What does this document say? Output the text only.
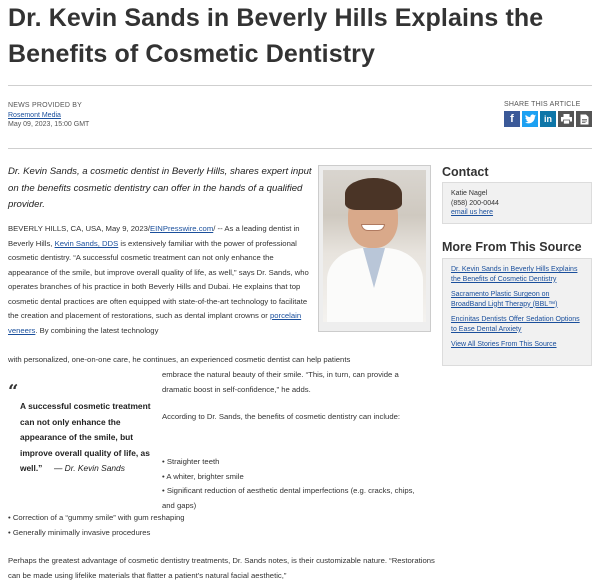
Dr. Kevin Sands in Beverly Hills Explains the Benefits of Cosmetic Dentistry
NEWS PROVIDED BY
Rosemont Media
May 09, 2023, 15:00 GMT
SHARE THIS ARTICLE
f	in

Dr. Kevin Sands, a cosmetic dentist in Beverly Hills, shares expert input on the benefits cosmetic dentistry can offer in the hands of a qualified provider.

BEVERLY HILLS, CA, USA, May 9, 2023/EINPresswire.com/ -- As a leading dentist in Beverly Hills, Kevin Sands, DDS is extensively familiar with the power of professional cosmetic dentistry. “A successful cosmetic treatment can not only enhance the appearance of the smile, but improve overall quality of life, as well,” says Dr. Sands, who operates branches of his practice in both Beverly Hills and Dubai. He explains that top cosmetic dental practices are often equipped with state-of-the-art technology to facilitate the creation and placement of restorations, such as dental implant crowns or porcelain veneers. By combining the latest technology

Contact
Katie Nagel
(858) 200-0044
email us here
More From This Source
Dr. Kevin Sands in Beverly Hills Explains the Benefits of Cosmetic Dentistry
Sacramento Plastic Surgeon on BroadBand Light Therapy (BBL™)
Encinitas Dentists Offer Sedation Options to Ease Dental Anxiety
View All Stories From This Source

with personalized, one-on-one care, he continues, an experienced cosmetic dentist can help patients

embrace the natural beauty of their smile. “This, in turn, can provide a dramatic boost in self-confidence,” he adds.

“
A successful cosmetic treatment can not only enhance the appearance of the smile, but improve overall quality of life, as well.” — Dr. Kevin Sands

According to Dr. Sands, the benefits of cosmetic dentistry can include:

• Straighter teeth
• A whiter, brighter smile
• Significant reduction of aesthetic dental imperfections (e.g. cracks, chips, and gaps)
• Correction of a “gummy smile” with gum reshaping
• Generally minimally invasive procedures

Perhaps the greatest advantage of cosmetic dentistry treatments, Dr. Sands notes, is their customizable nature. “Restorations can be made using lifelike materials that flatter a patient’s natural facial aesthetic,”
